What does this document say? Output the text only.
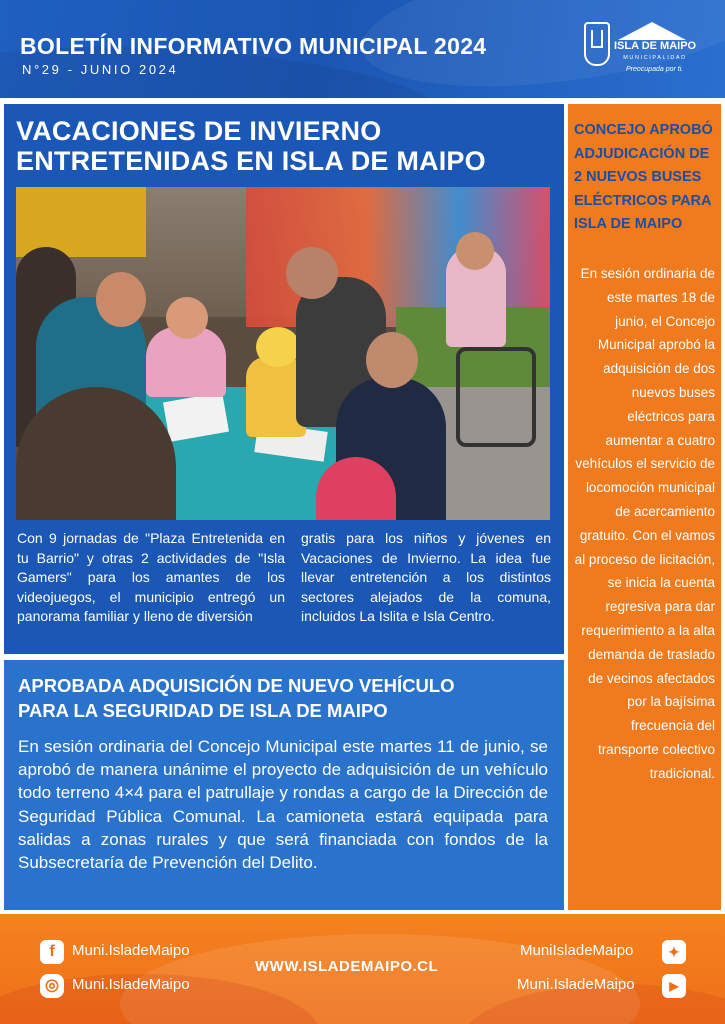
BOLETÍN INFORMATIVO MUNICIPAL 2024
N°29 - JUNIO 2024
ISLA DE MAIPO
MUNICIPALIDAD
Preocupada por ti.
VACACIONES DE INVIERNO
ENTRETENIDAS EN ISLA DE MAIPO
Con 9 jornadas de "Plaza Entretenida en tu Barrio" y otras 2 actividades de "Isla Gamers" para los amantes de los videojuegos, el municipio entregó un panorama familiar y lleno de diversión
gratis para los niños y jóvenes en Vacaciones de Invierno. La idea fue llevar entretención a los distintos sectores alejados de la comuna, incluidos La Islita e Isla Centro.
APROBADA ADQUISICIÓN DE NUEVO VEHÍCULO
PARA LA SEGURIDAD DE ISLA DE MAIPO
En sesión ordinaria del Concejo Municipal este martes 11 de junio, se aprobó de manera unánime el proyecto de adquisición de un vehículo todo terreno 4×4 para el patrullaje y rondas a cargo de la Dirección de Seguridad Pública Comunal. La camioneta estará equipada para salidas a zonas rurales y que será financiada con fondos de la Subsecretaría de Prevención del Delito.
CONCEJO APROBÓ ADJUDICACIÓN DE 2 NUEVOS BUSES ELÉCTRICOS PARA ISLA DE MAIPO
En sesión ordinaria de este martes 18 de junio, el Concejo Municipal aprobó la adquisición de dos nuevos buses eléctricos para aumentar a cuatro vehículos el servicio de locomoción municipal de acercamiento gratuito. Con el vamos al proceso de licitación, se inicia la cuenta regresiva para dar requerimiento a la alta demanda de traslado de vecinos afectados por la bajísima frecuencia del transporte colectivo tradicional.
f	Muni.IsladeMaipo
◎ Muni.IsladeMaipo
WWW.ISLADEMAIPO.CL
MuniIsladeMaipo	✦
Muni.IsladeMaipo	▶
